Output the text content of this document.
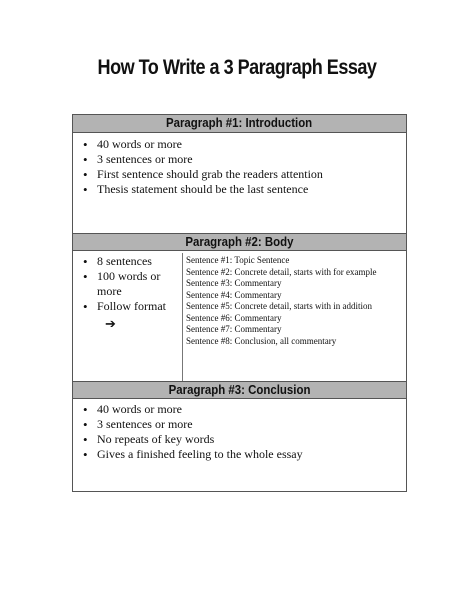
How To Write a 3 Paragraph Essay
Paragraph #1: Introduction
• 40 words or more
• 3 sentences or more
• First sentence should grab the readers attention
• Thesis statement should be the last sentence
Paragraph #2: Body
• 8 sentences
• 100 words or more
• Follow format
➔
Sentence #1: Topic Sentence
Sentence #2: Concrete detail, starts with for example
Sentence #3: Commentary
Sentence #4: Commentary
Sentence #5: Concrete detail, starts with in addition
Sentence #6: Commentary
Sentence #7: Commentary
Sentence #8: Conclusion, all commentary
Paragraph #3: Conclusion
• 40 words or more
• 3 sentences or more
• No repeats of key words
• Gives a finished feeling to the whole essay
